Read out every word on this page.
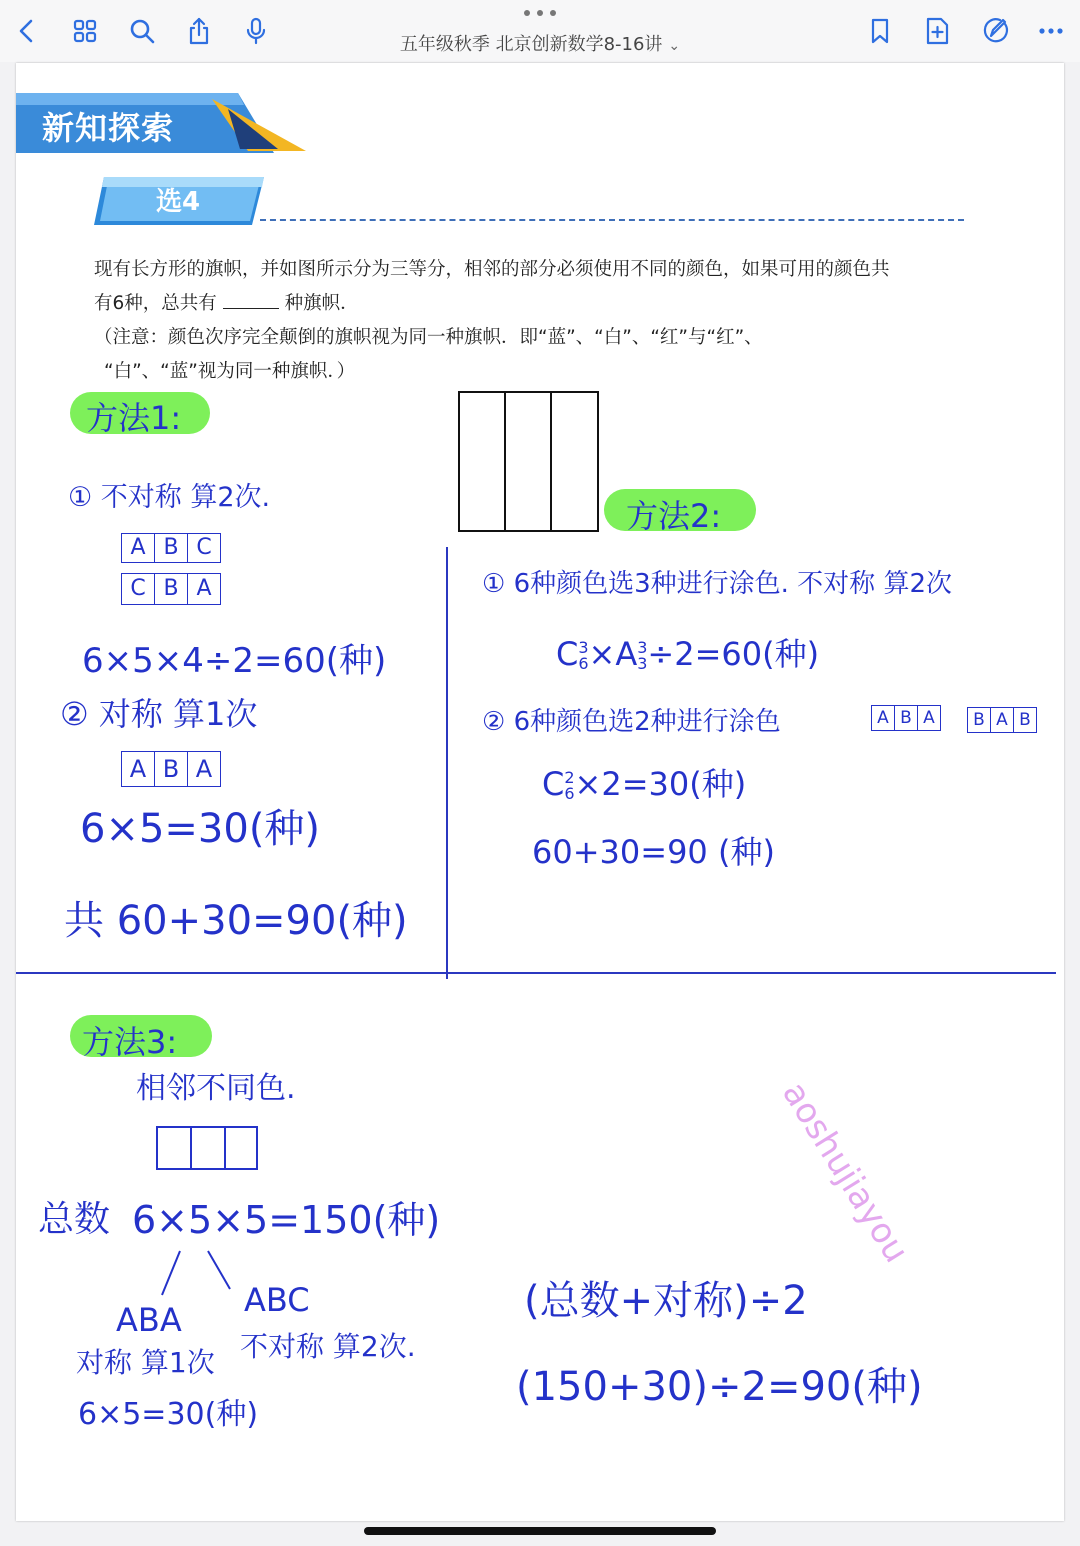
五年级秋季 北京创新数学8-16讲 ⌄
新知探索
选4

现有长方形的旗帜，并如图所示分为三等分，相邻的部分必须使用不同的颜色，如果可用的颜色共

有6种，总共有	种旗帜．

（注意：颜色次序完全颠倒的旗帜视为同一种旗帜．即“蓝”、“白”、“红”与“红”、

“白”、“蓝”视为同一种旗帜．）

方法1:
① 不对称 算2次.
A B C
C B A
6×5×4÷2=60(种)
② 对称 算1次
A B A
6×5=30(种)
共 60+30=90(种)
方法2:
① 6种颜色选3种进行涂色. 不对称 算2次
C 3
6 ×A 3
3 ÷2=60(种)
② 6种颜色选2种进行涂色	A B A	B A B
C 2
6 ×2=30(种)
60+30=90 (种)
方法3:
相邻不同色.
总数 6×5×5=150(种)
ABA
对称 算1次
6×5=30(种)
ABC
不对称 算2次.
(总数+对称)÷2
(150+30)÷2=90(种)
aoshujiayou
